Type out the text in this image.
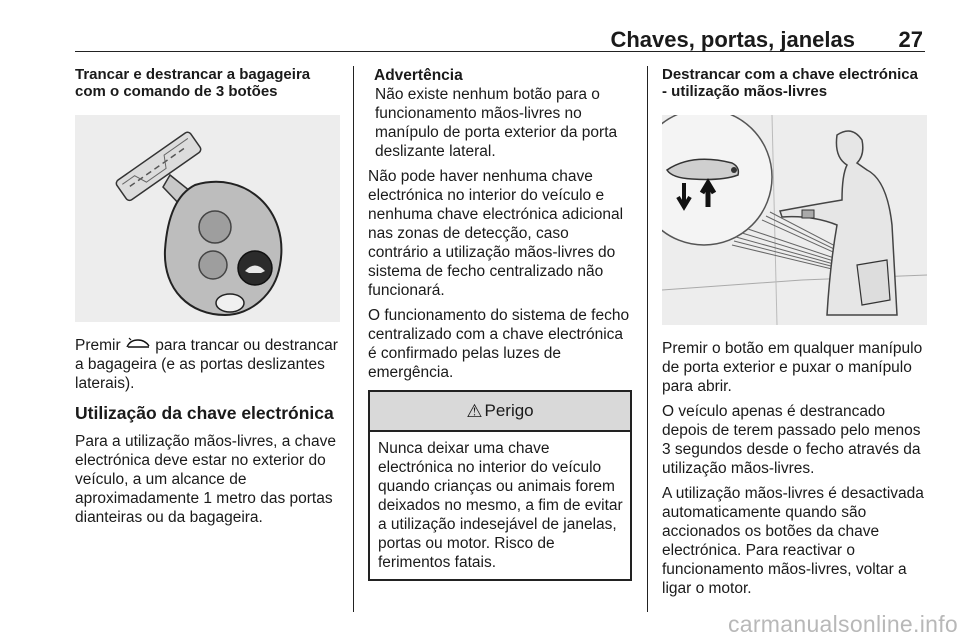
Chaves, portas, janelas 27
Trancar e destrancar a bagageira com o comando de 3 botões

Premir para trancar ou destrancar a bagageira (e as portas deslizantes laterais).

Utilização da chave electrónica

Para a utilização mãos-livres, a chave electrónica deve estar no exterior do veículo, a um alcance de aproximadamente 1 metro das portas dianteiras ou da bagageira.

Advertência
Não existe nenhum botão para o funcionamento mãos-livres no manípulo de porta exterior da porta deslizante lateral.

Não pode haver nenhuma chave electrónica no interior do veículo e nenhuma chave electrónica adicional nas zonas de detecção, caso contrário a utilização mãos-livres do sistema de fecho centralizado não funcionará.

O funcionamento do sistema de fecho centralizado com a chave electrónica é confirmado pelas luzes de emergência.

⚠ Perigo
Nunca deixar uma chave electrónica no interior do veículo quando crianças ou animais forem deixados no mesmo, a fim de evitar a utilização indesejável de janelas, portas ou motor. Risco de ferimentos fatais.
Destrancar com a chave electrónica - utilização mãos-livres

Premir o botão em qualquer manípulo de porta exterior e puxar o manípulo para abrir.

O veículo apenas é destrancado depois de terem passado pelo menos 3 segundos desde o fecho através da utilização mãos-livres.

A utilização mãos-livres é desactivada automaticamente quando são accionados os botões da chave electrónica. Para reactivar o funcionamento mãos-livres, voltar a ligar o motor.

carmanualsonline.info
